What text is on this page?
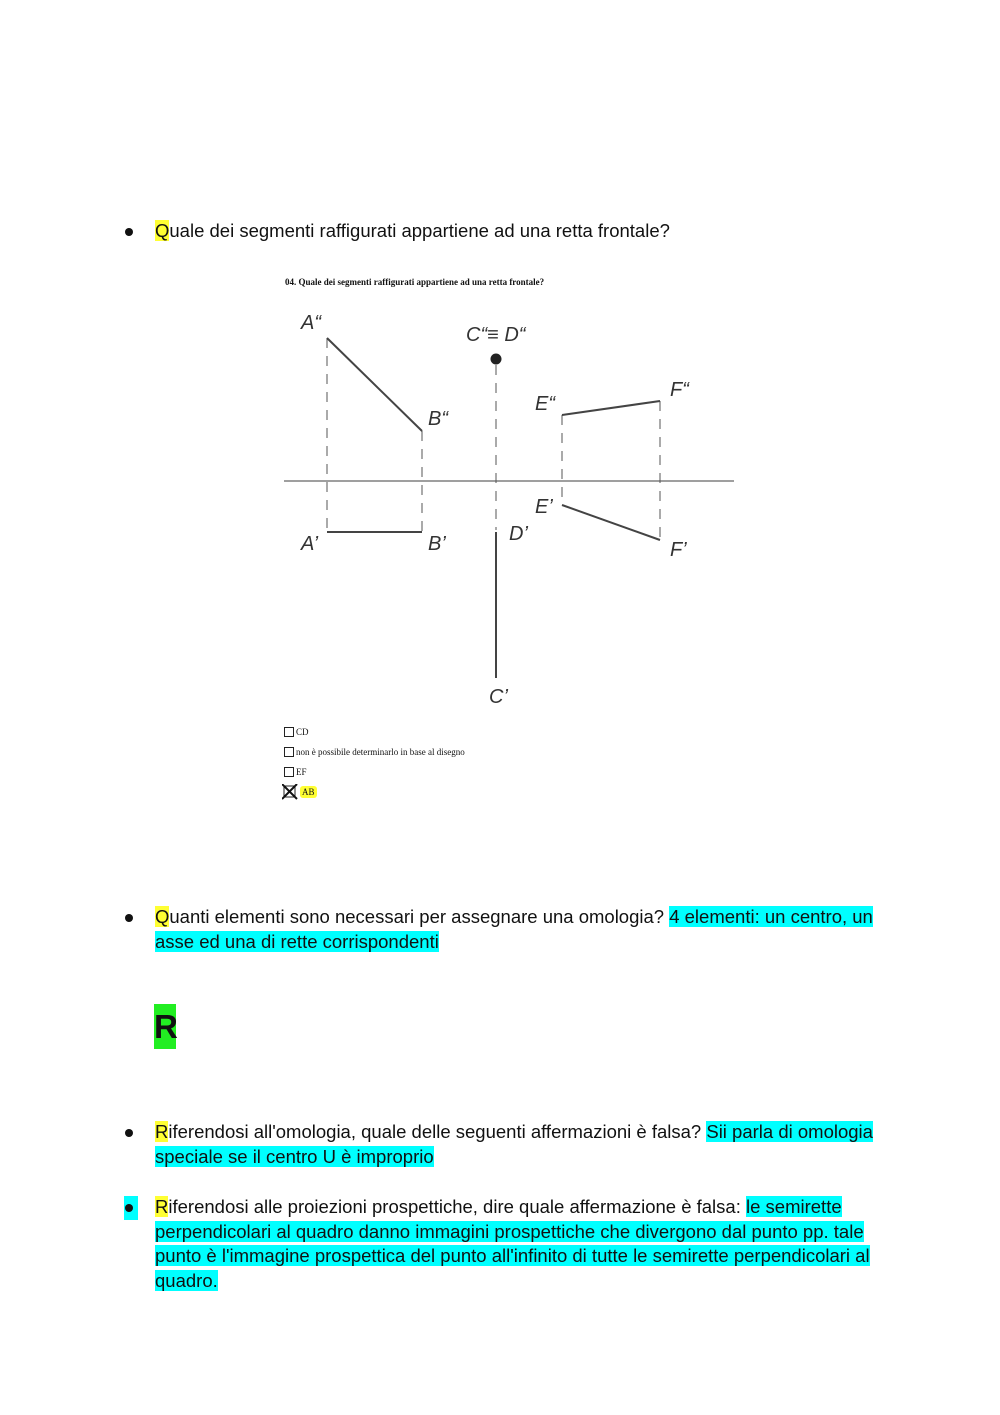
Quale dei segmenti raffigurati appartiene ad una retta frontale?
04. Quale dei segmenti raffigurati appartiene ad una retta frontale?
A“
B“
C“≡ D“
E“
F“
A’	B’	D’
E’
F’
C’
CD
non è possibile determinarlo in base al disegno
EF
AB
Quanti elementi sono necessari per assegnare una omologia? 4 elementi: un centro, un asse ed una di rette corrispondenti
R
Riferendosi all'omologia, quale delle seguenti affermazioni è falsa? Sii parla di omologia speciale se il centro U è improprio
Riferendosi alle proiezioni prospettiche, dire quale affermazione è falsa: le semirette perpendicolari al quadro danno immagini prospettiche che divergono dal punto pp. tale punto è l'immagine prospettica del punto all'infinito di tutte le semirette perpendicolari al quadro.
